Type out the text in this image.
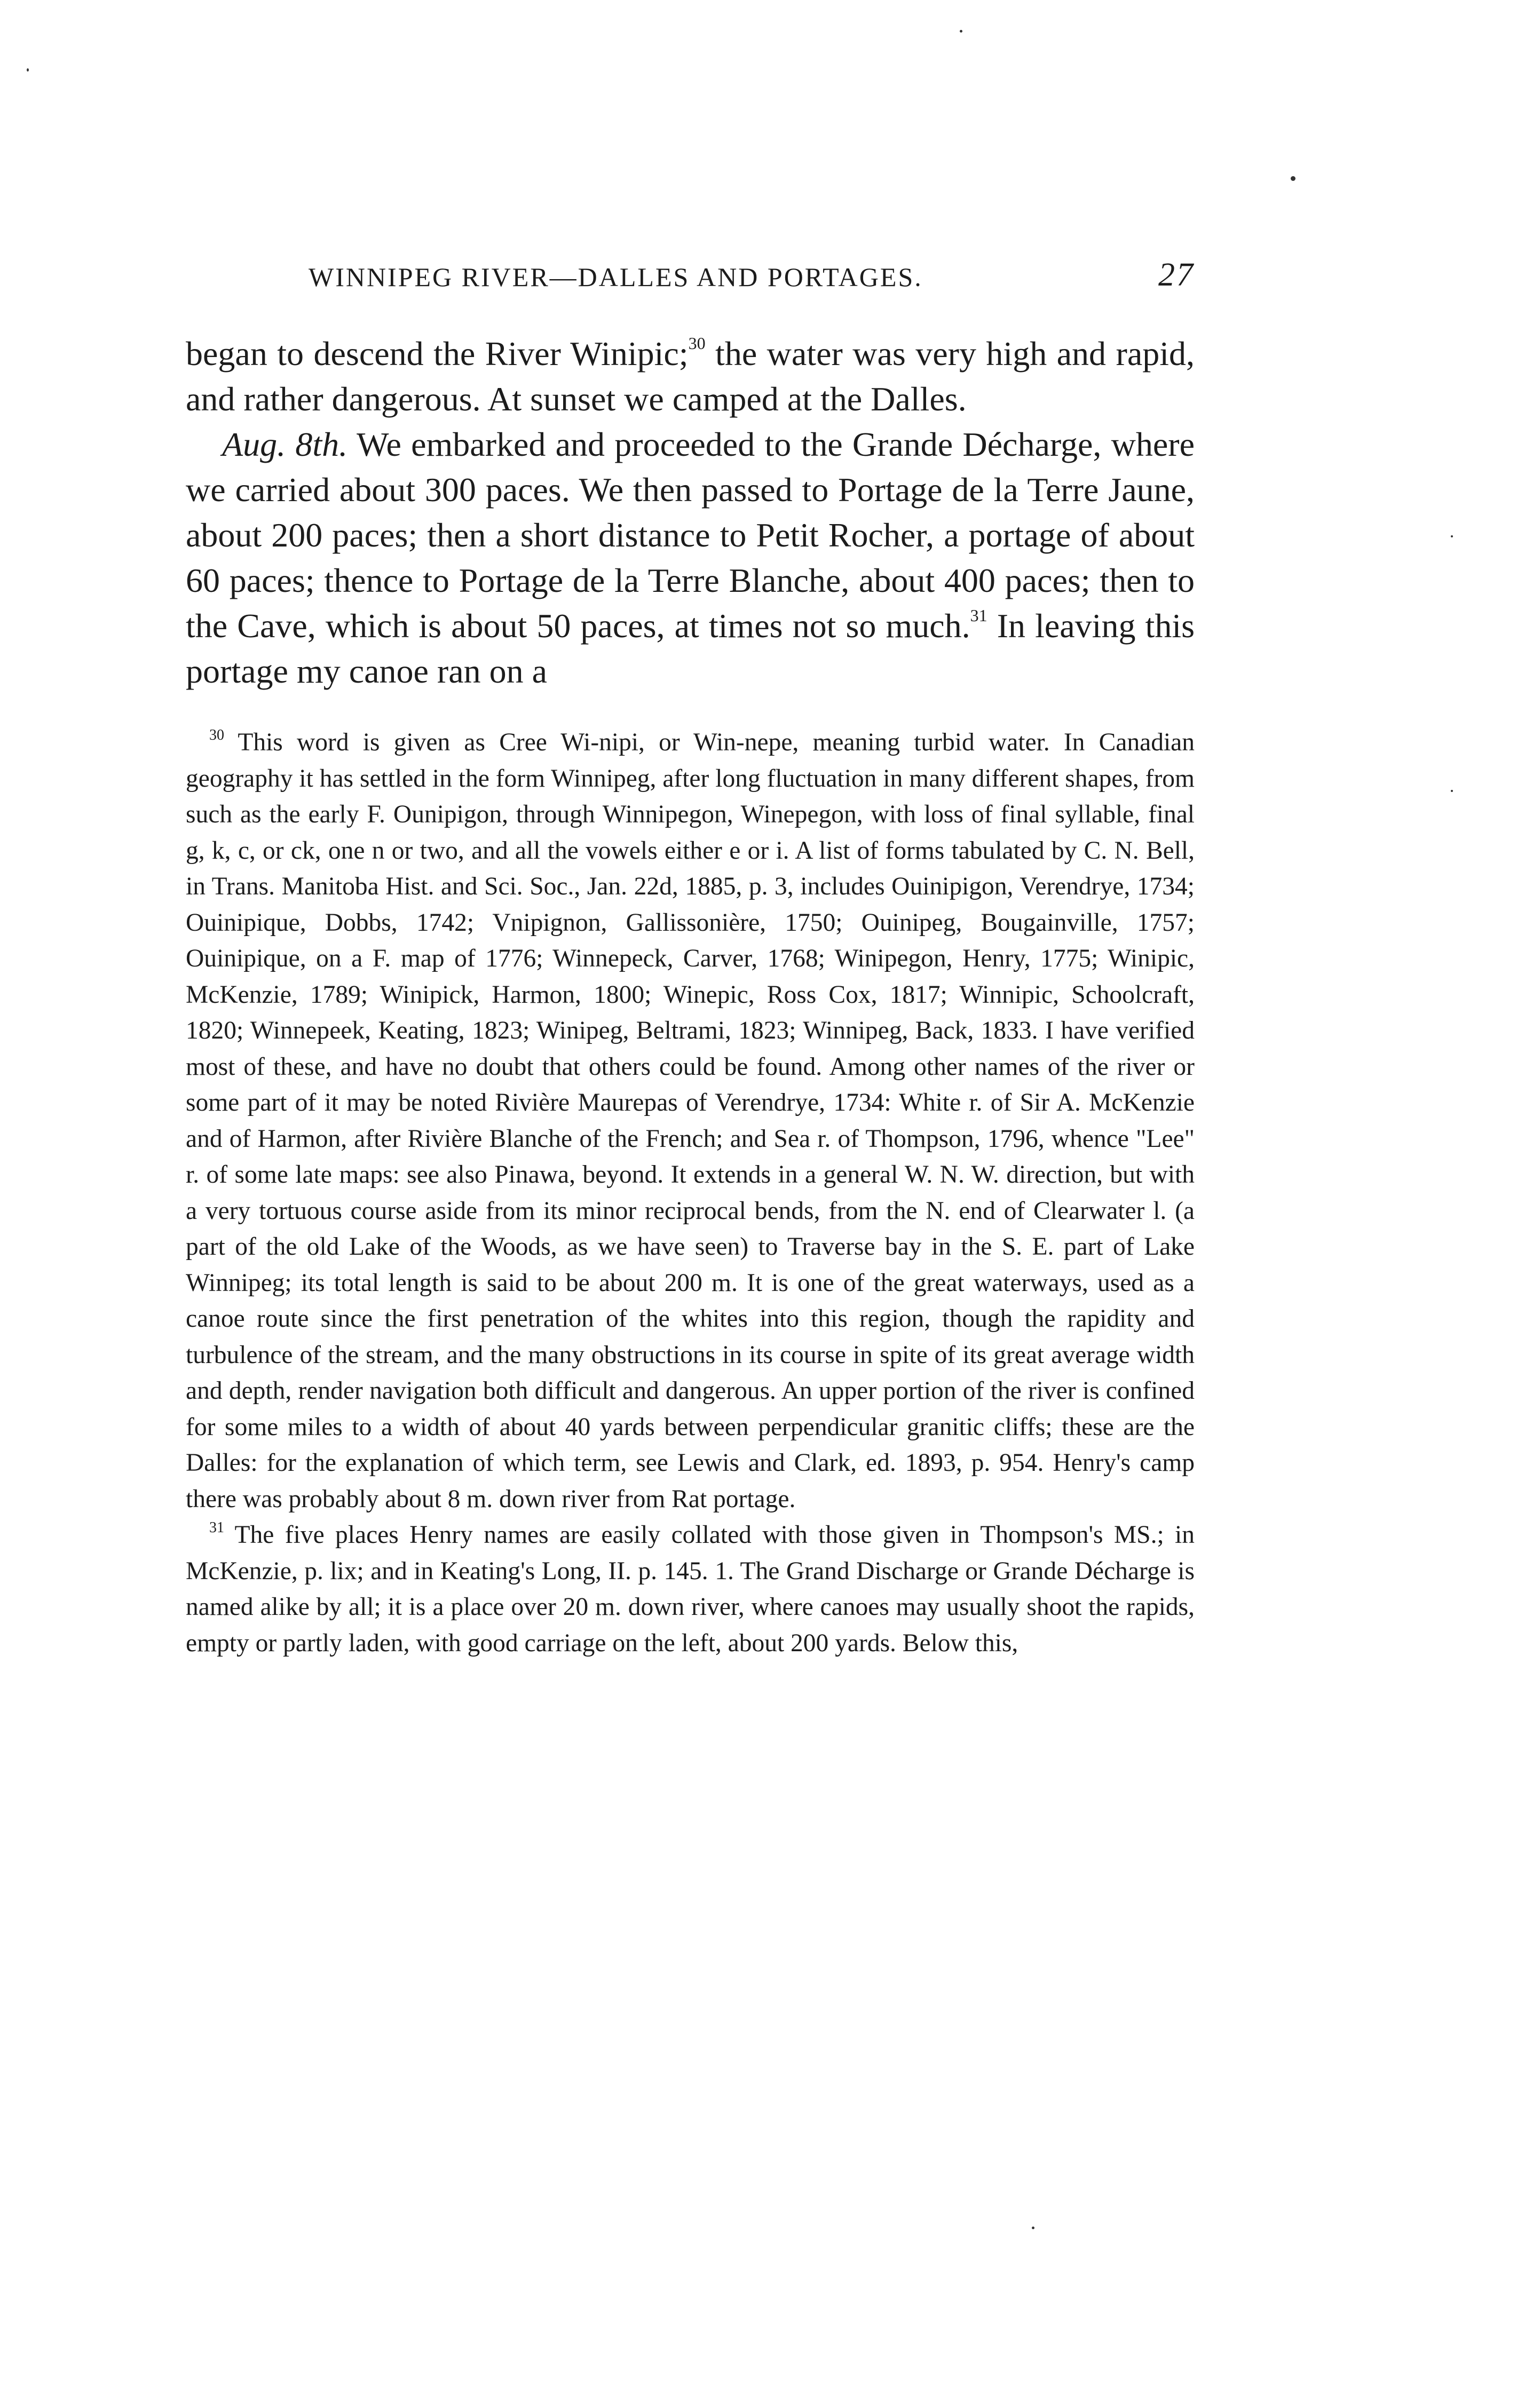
WINNIPEG RIVER—DALLES AND PORTAGES.	27

began to descend the River Winipic;$^{30}$ the water was very high and rapid, and rather dangerous. At sunset we camped at the Dalles.

Aug. 8th. We embarked and proceeded to the Grande Décharge, where we carried about 300 paces. We then passed to Portage de la Terre Jaune, about 200 paces; then a short distance to Petit Rocher, a portage of about 60 paces; thence to Portage de la Terre Blanche, about 400 paces; then to the Cave, which is about 50 paces, at times not so much.$^{31}$ In leaving this portage my canoe ran on a

$^{30}$ This word is given as Cree Wi-nipi, or Win-nepe, meaning turbid water. In Canadian geography it has settled in the form Winnipeg, after long fluctuation in many different shapes, from such as the early F. Ounipigon, through Winnipegon, Winepegon, with loss of final syllable, final g, k, c, or ck, one n or two, and all the vowels either e or i. A list of forms tabulated by C. N. Bell, in Trans. Manitoba Hist. and Sci. Soc., Jan. 22d, 1885, p. 3, includes Ouinipigon, Verendrye, 1734; Ouinipique, Dobbs, 1742; Vnipignon, Gallissonière, 1750; Ouinipeg, Bougainville, 1757; Ouinipique, on a F. map of 1776; Winnepeck, Carver, 1768; Winipegon, Henry, 1775; Winipic, McKenzie, 1789; Winipick, Harmon, 1800; Winepic, Ross Cox, 1817; Winnipic, Schoolcraft, 1820; Winnepeek, Keating, 1823; Winipeg, Beltrami, 1823; Winnipeg, Back, 1833. I have verified most of these, and have no doubt that others could be found. Among other names of the river or some part of it may be noted Rivière Maurepas of Verendrye, 1734: White r. of Sir A. McKenzie and of Harmon, after Rivière Blanche of the French; and Sea r. of Thompson, 1796, whence "Lee" r. of some late maps: see also Pinawa, beyond. It extends in a general W. N. W. direction, but with a very tortuous course aside from its minor reciprocal bends, from the N. end of Clearwater l. (a part of the old Lake of the Woods, as we have seen) to Traverse bay in the S. E. part of Lake Winnipeg; its total length is said to be about 200 m. It is one of the great waterways, used as a canoe route since the first penetration of the whites into this region, though the rapidity and turbulence of the stream, and the many obstructions in its course in spite of its great average width and depth, render navigation both difficult and dangerous. An upper portion of the river is confined for some miles to a width of about 40 yards between perpendicular granitic cliffs; these are the Dalles: for the explanation of which term, see Lewis and Clark, ed. 1893, p. 954. Henry's camp there was probably about 8 m. down river from Rat portage.

$^{31}$ The five places Henry names are easily collated with those given in Thompson's MS.; in McKenzie, p. lix; and in Keating's Long, II. p. 145. 1. The Grand Discharge or Grande Décharge is named alike by all; it is a place over 20 m. down river, where canoes may usually shoot the rapids, empty or partly laden, with good carriage on the left, about 200 yards. Below this,
